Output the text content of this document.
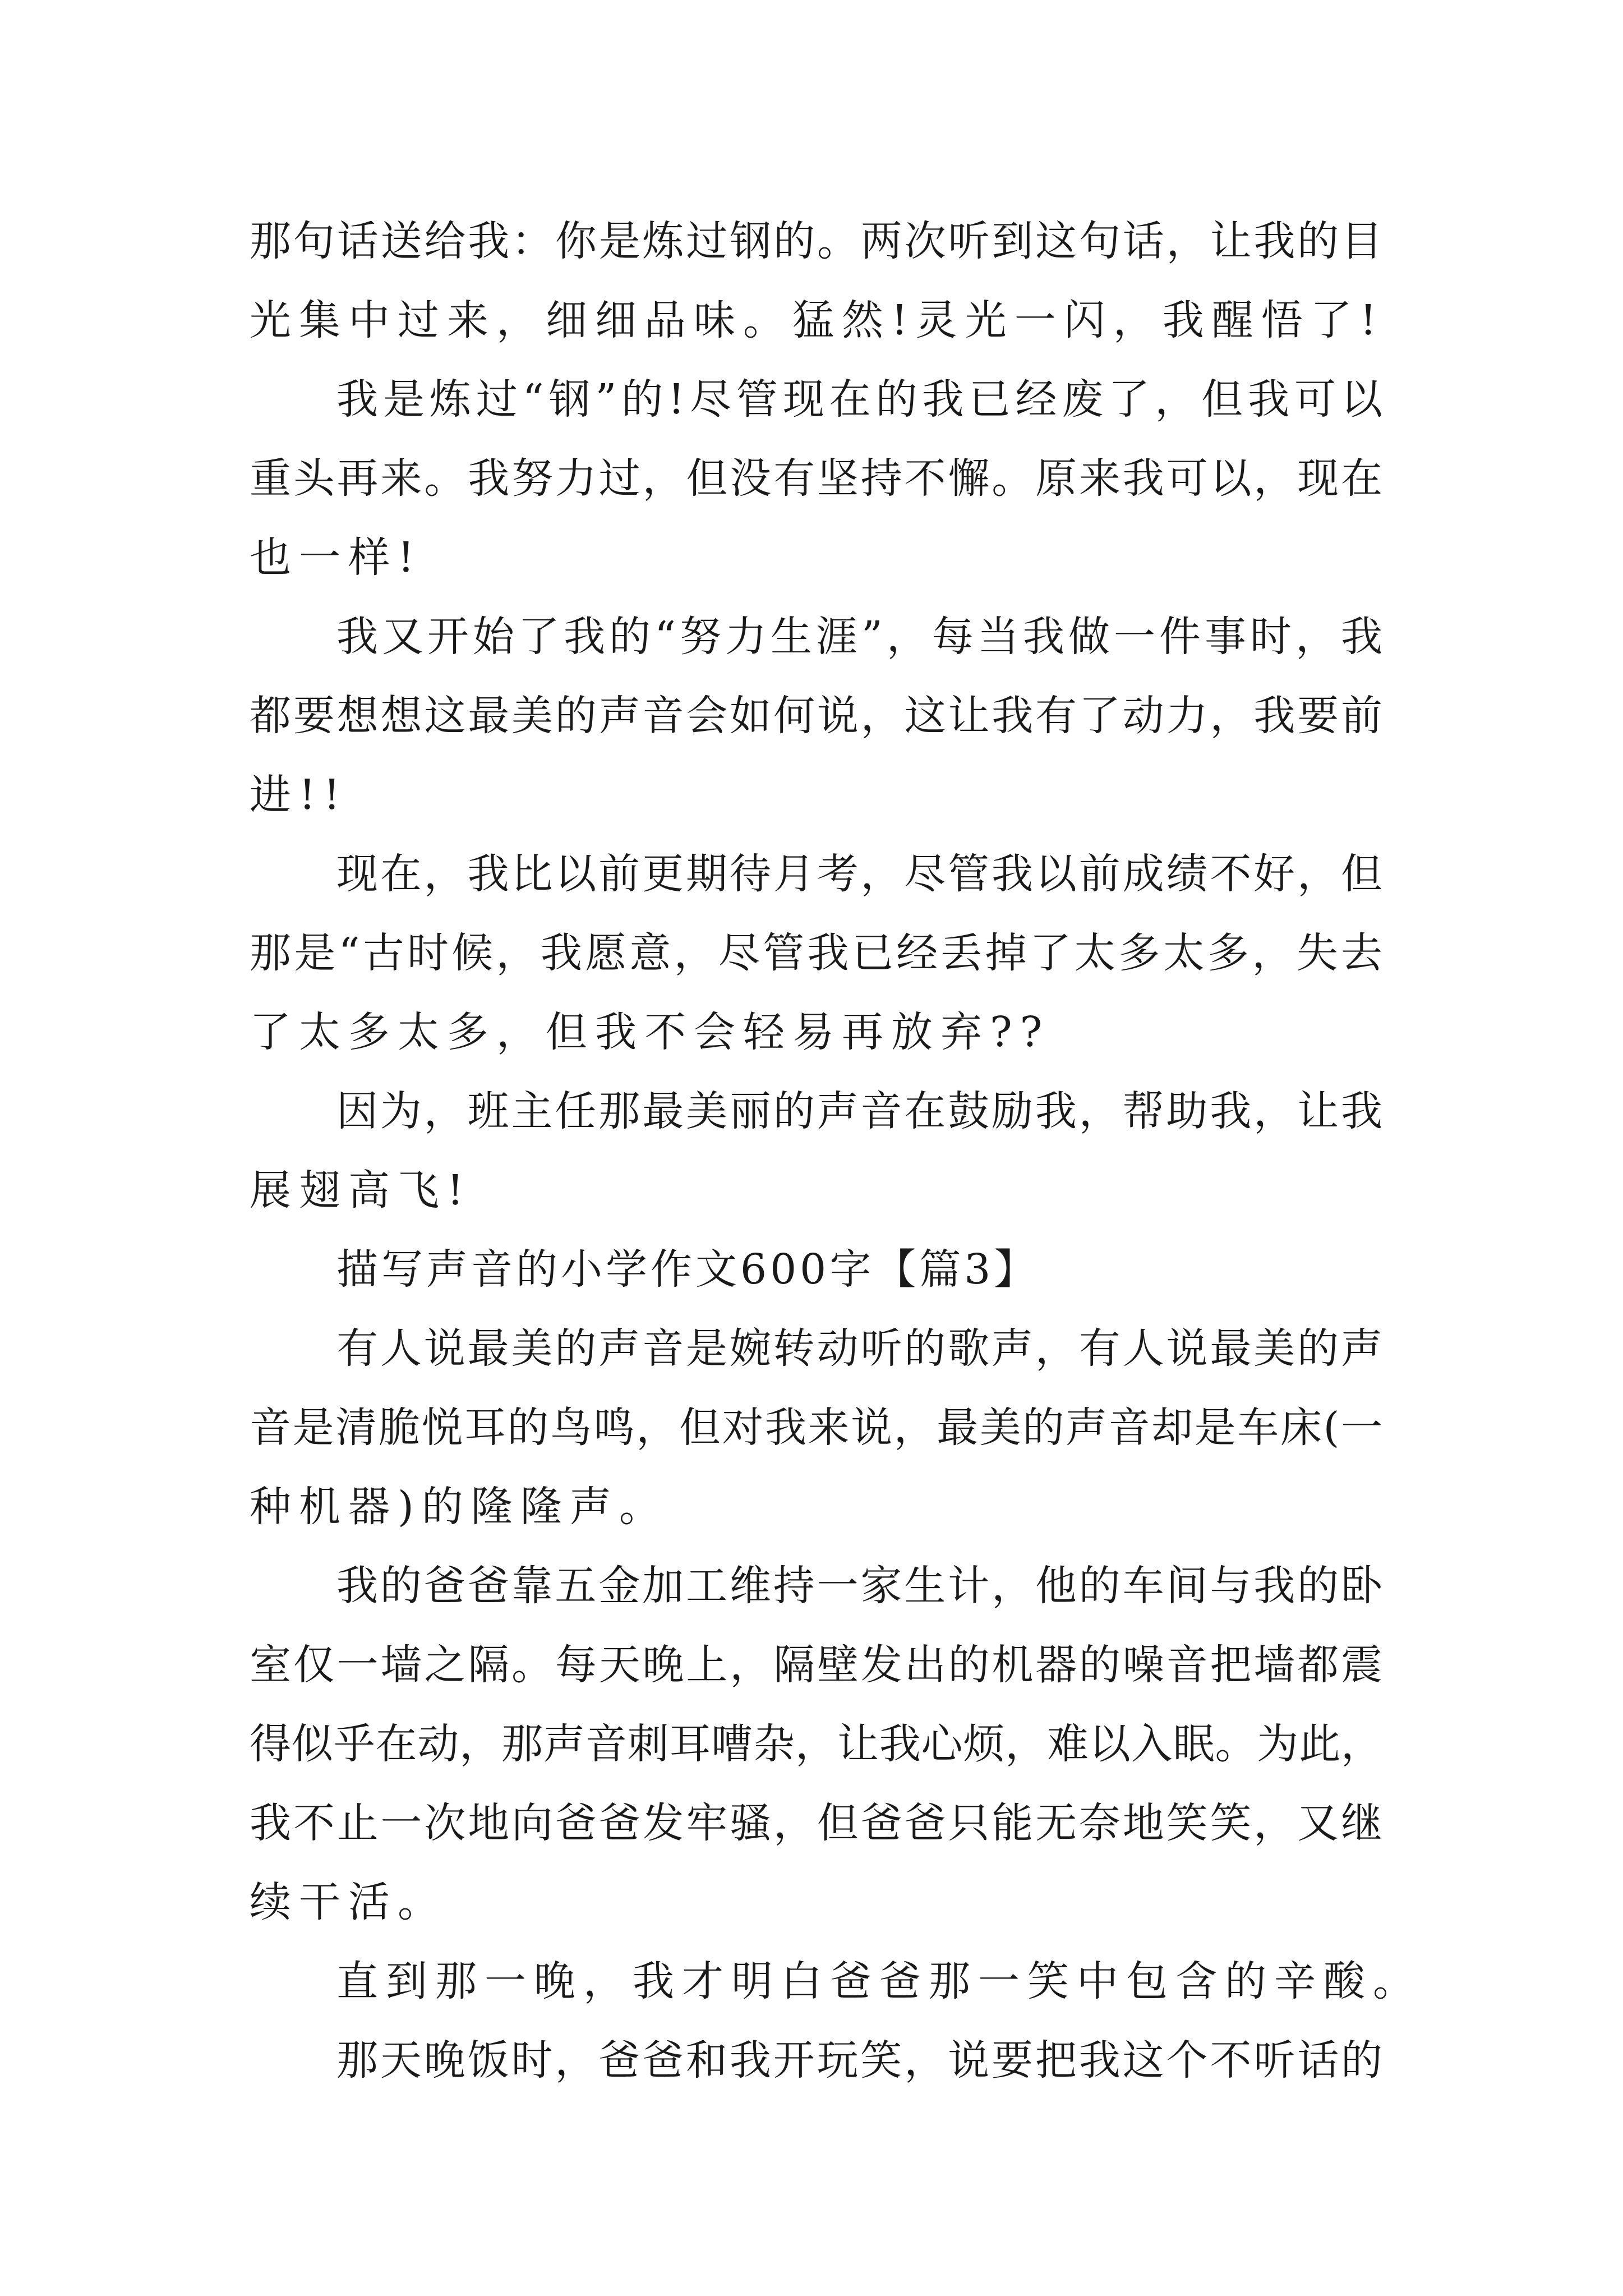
那句话送给我：你是炼过钢的。两次听到这句话，让我的目
光集中过来，细细品味。猛然!灵光一闪，我醒悟了!
我是炼过“钢”的!尽管现在的我已经废了，但我可以
重头再来。我努力过，但没有坚持不懈。原来我可以，现在
也一样!
我又开始了我的“努力生涯”，每当我做一件事时，我
都要想想这最美的声音会如何说，这让我有了动力，我要前
进!!
现在，我比以前更期待月考，尽管我以前成绩不好，但
那是“古时候，我愿意，尽管我已经丢掉了太多太多，失去
了太多太多，但我不会轻易再放弃??
因为，班主任那最美丽的声音在鼓励我，帮助我，让我
展翅高飞!
描写声音的小学作文600字【篇3】
有人说最美的声音是婉转动听的歌声，有人说最美的声
音是清脆悦耳的鸟鸣，但对我来说，最美的声音却是车床(一
种机器)的隆隆声。
我的爸爸靠五金加工维持一家生计，他的车间与我的卧
室仅一墙之隔。每天晚上，隔壁发出的机器的噪音把墙都震
得似乎在动，那声音刺耳嘈杂，让我心烦，难以入眠。为此，
我不止一次地向爸爸发牢骚，但爸爸只能无奈地笑笑，又继
续干活。
直到那一晚，我才明白爸爸那一笑中包含的辛酸。
那天晚饭时，爸爸和我开玩笑，说要把我这个不听话的
